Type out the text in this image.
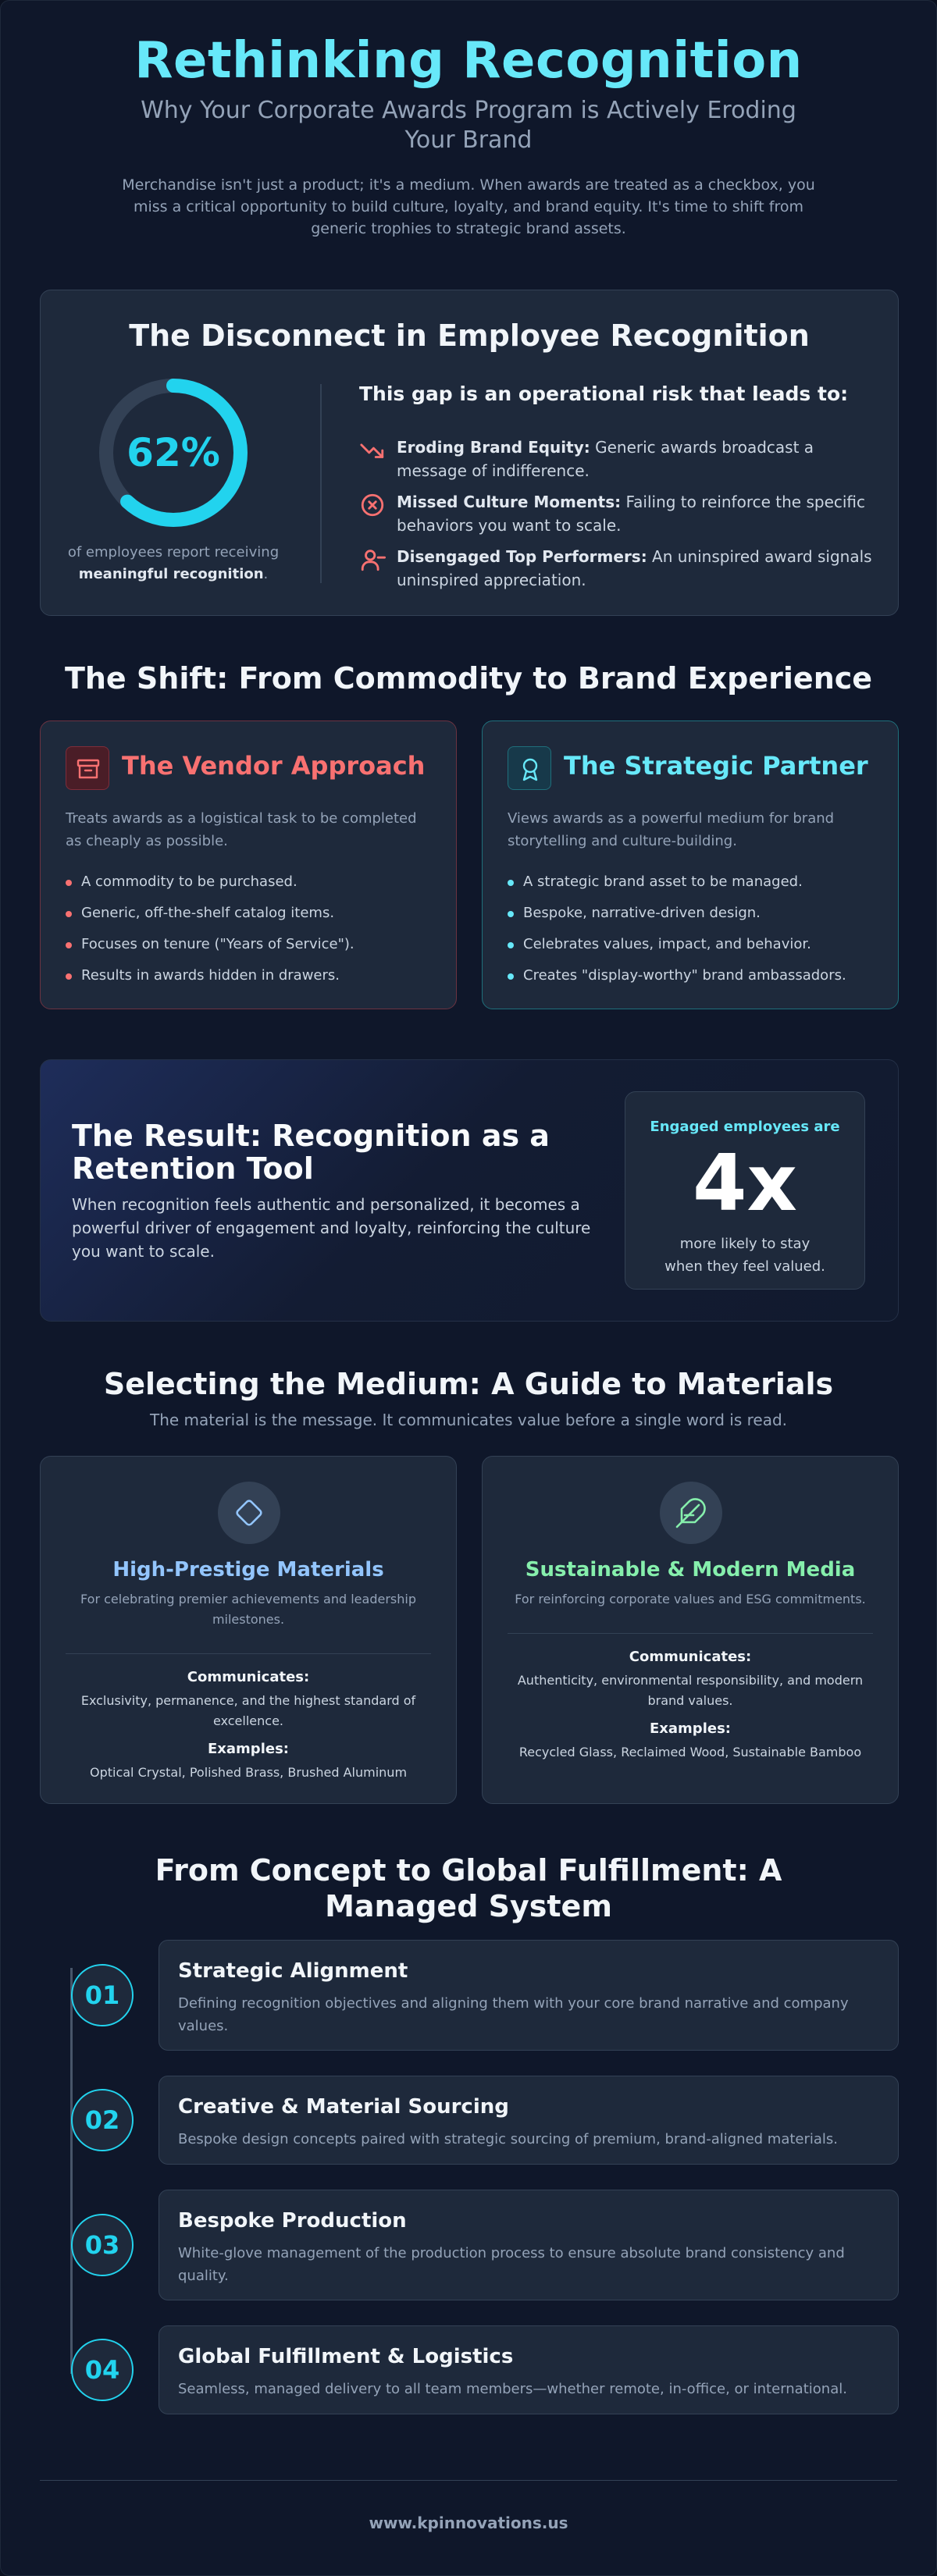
Rethinking Recognition
Why Your Corporate Awards Program is Actively Eroding Your Brand
Merchandise isn't just a product; it's a medium. When awards are treated as a checkbox, you miss a critical opportunity to build culture, loyalty, and brand equity. It's time to shift from generic trophies to strategic brand assets.
The Disconnect in Employee Recognition
62%
of employees report receiving
meaningful recognition.
This gap is an operational risk that leads to:
Eroding Brand Equity: Generic awards broadcast a message of indifference.
Missed Culture Moments: Failing to reinforce the specific behaviors you want to scale.
Disengaged Top Performers: An uninspired award signals uninspired appreciation.
The Shift: From Commodity to Brand Experience
The Vendor Approach
Treats awards as a logistical task to be completed as cheaply as possible.
A commodity to be purchased.
Generic, off-the-shelf catalog items.
Focuses on tenure ("Years of Service").
Results in awards hidden in drawers.
The Strategic Partner
Views awards as a powerful medium for brand storytelling and culture-building.
A strategic brand asset to be managed.
Bespoke, narrative-driven design.
Celebrates values, impact, and behavior.
Creates "display-worthy" brand ambassadors.
The Result: Recognition as a Retention Tool
When recognition feels authentic and personalized, it becomes a powerful driver of engagement and loyalty, reinforcing the culture you want to scale.
Engaged employees are
4x
more likely to stay
when they feel valued.
Selecting the Medium: A Guide to Materials
The material is the message. It communicates value before a single word is read.
High-Prestige Materials
For celebrating premier achievements and leadership milestones.
Communicates:
Exclusivity, permanence, and the highest standard of excellence.
Examples:
Optical Crystal, Polished Brass, Brushed Aluminum
Sustainable & Modern Media
For reinforcing corporate values and ESG commitments.
Communicates:
Authenticity, environmental responsibility, and modern brand values.
Examples:
Recycled Glass, Reclaimed Wood, Sustainable Bamboo
From Concept to Global Fulfillment: A Managed System
01
Strategic Alignment
Defining recognition objectives and aligning them with your core brand narrative and company values.
02	Creative & Material Sourcing
Bespoke design concepts paired with strategic sourcing of premium, brand-aligned materials.
03
Bespoke Production
White-glove management of the production process to ensure absolute brand consistency and quality.
04	Global Fulfillment & Logistics
Seamless, managed delivery to all team members—whether remote, in-office, or international.
www.kpinnovations.us
